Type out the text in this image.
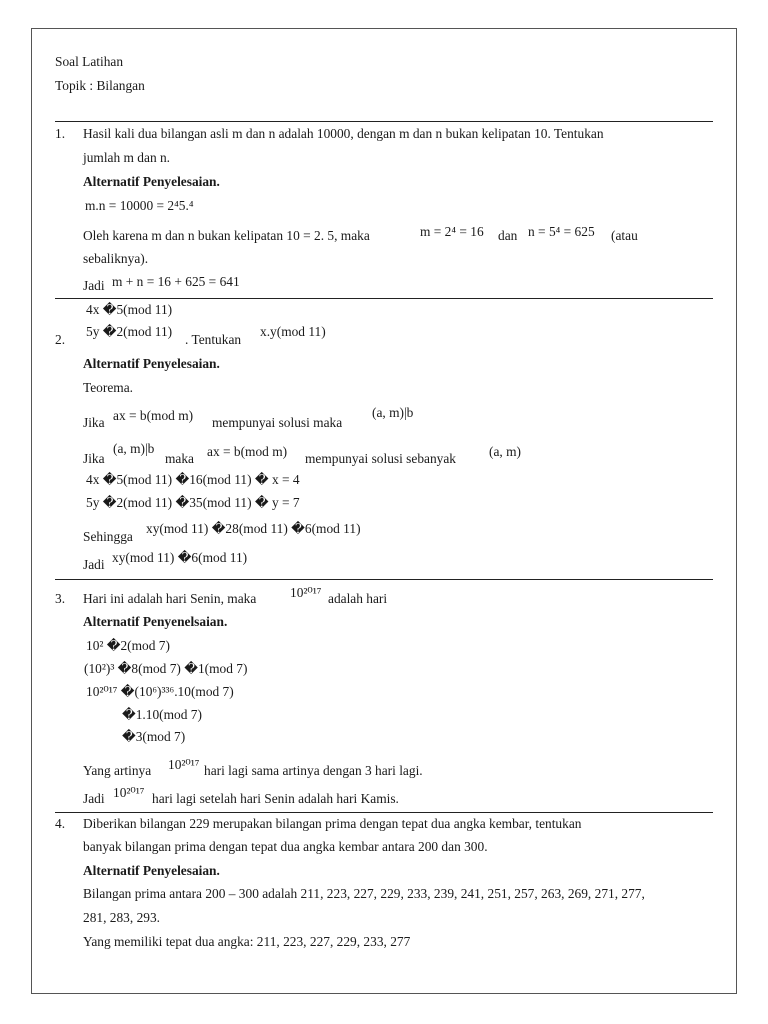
Soal Latihan
Topik : Bilangan
1. Hasil kali dua bilangan asli m dan n adalah 10000, dengan m dan n bukan kelipatan 10. Tentukan
jumlah m dan n.
Alternatif Penyelesaian.
m.n = 10000 = 2⁴5.⁴
Oleh karena m dan n bukan kelipatan 10 = 2. 5, maka	m = 2⁴ = 16 dan n = 5⁴ = 625 (atau
sebaliknya).
Jadi m + n = 16 + 625 = 641
4x �5(mod 11)
5y �2(mod 11)
2.	. Tentukan
x.y(mod 11)
Alternatif Penyelesaian.
Teorema.
Jika ax = b(mod m) mempunyai solusi maka
(a, m)|b
Jika
(a, m)|b
maka ax = b(mod m) mempunyai solusi sebanyak (a, m)
4x �5(mod 11) �16(mod 11) � x = 4
5y �2(mod 11) �35(mod 11) � y = 7
Sehingga
xy(mod 11) �28(mod 11) �6(mod 11)
Jadi xy(mod 11) �6(mod 11)
3. Hari ini adalah hari Senin, maka	10²⁰¹⁷ adalah hari
Alternatif Penyenelsaian.
10² �2(mod 7)
(10²)³ �8(mod 7) �1(mod 7)
10²⁰¹⁷ �(10⁶)³³⁶.10(mod 7)
�1.10(mod 7)
�3(mod 7)
Yang artinya 10²⁰¹⁷ hari lagi sama artinya dengan 3 hari lagi.
Jadi 10²⁰¹⁷ hari lagi setelah hari Senin adalah hari Kamis.
4. Diberikan bilangan 229 merupakan bilangan prima dengan tepat dua angka kembar, tentukan
banyak bilangan prima dengan tepat dua angka kembar antara 200 dan 300.
Alternatif Penyelesaian.
Bilangan prima antara 200 – 300 adalah 211, 223, 227, 229, 233, 239, 241, 251, 257, 263, 269, 271, 277,
281, 283, 293.
Yang memiliki tepat dua angka: 211, 223, 227, 229, 233, 277
